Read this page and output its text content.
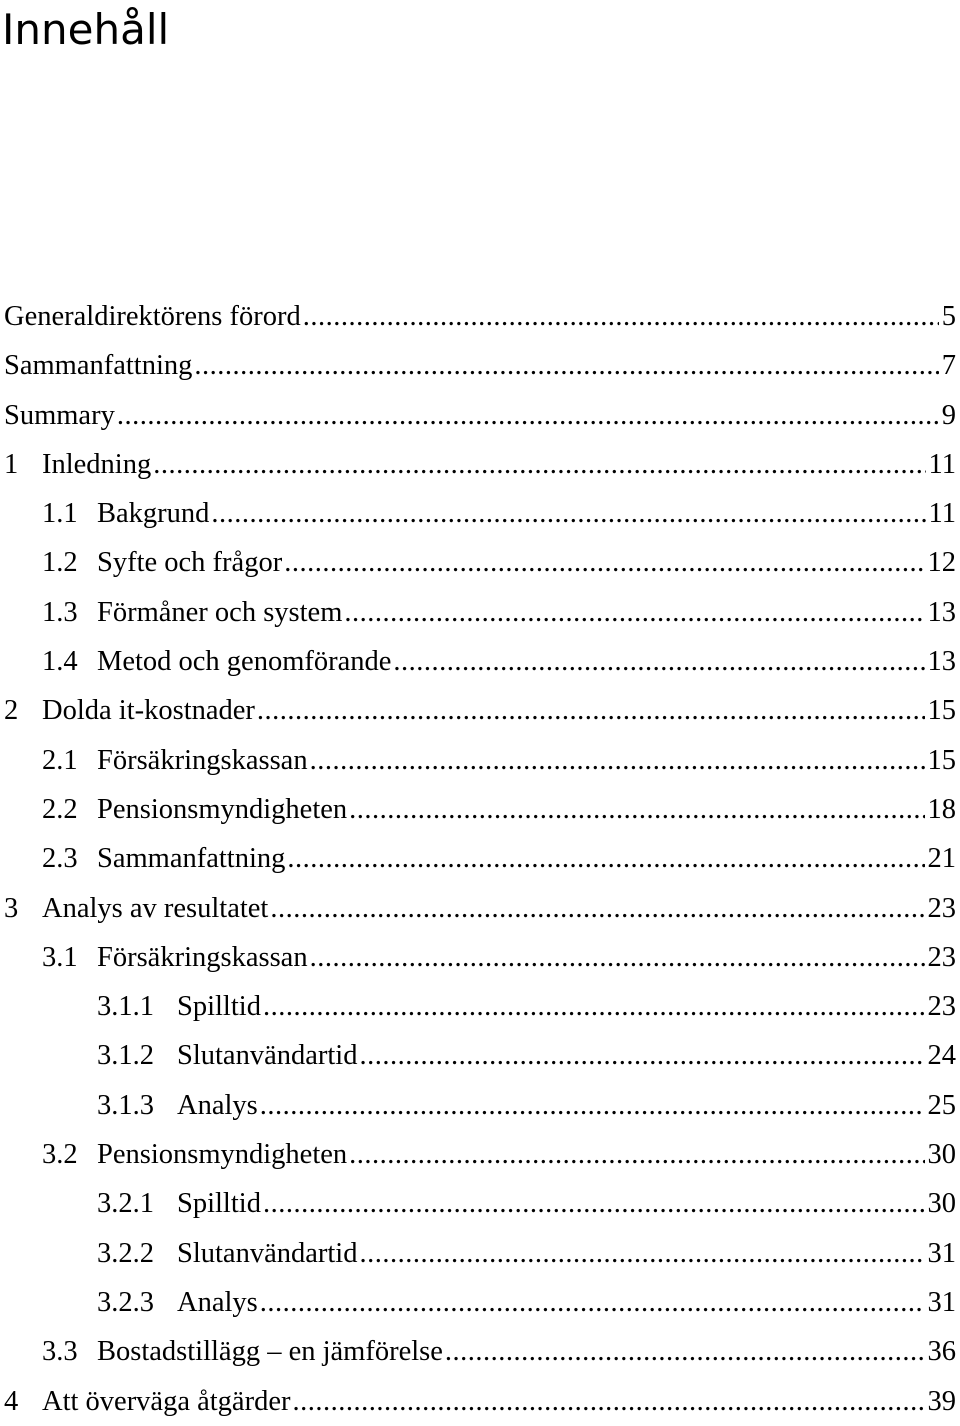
Innehåll
Generaldirektörens förord .....	5
Sammanfattning .....	7
Summary .....	9
1 Inledning .....	11
1.1 Bakgrund .....	11
1.2 Syfte och frågor .....	12
1.3 Förmåner och system .....	13
1.4 Metod och genomförande .....	13
2 Dolda it-kostnader .....	15
2.1 Försäkringskassan .....	15
2.2 Pensionsmyndigheten .....	18
2.3 Sammanfattning .....	21
3 Analys av resultatet .....	23
3.1 Försäkringskassan .....	23
3.1.1 Spilltid .....	23
3.1.2 Slutanvändartid .....	24
3.1.3 Analys .....	25
3.2 Pensionsmyndigheten .....	30
3.2.1 Spilltid .....	30
3.2.2 Slutanvändartid .....	31
3.2.3 Analys .....	31
3.3 Bostadstillägg – en jämförelse .....	36
4 Att överväga åtgärder .....	39
